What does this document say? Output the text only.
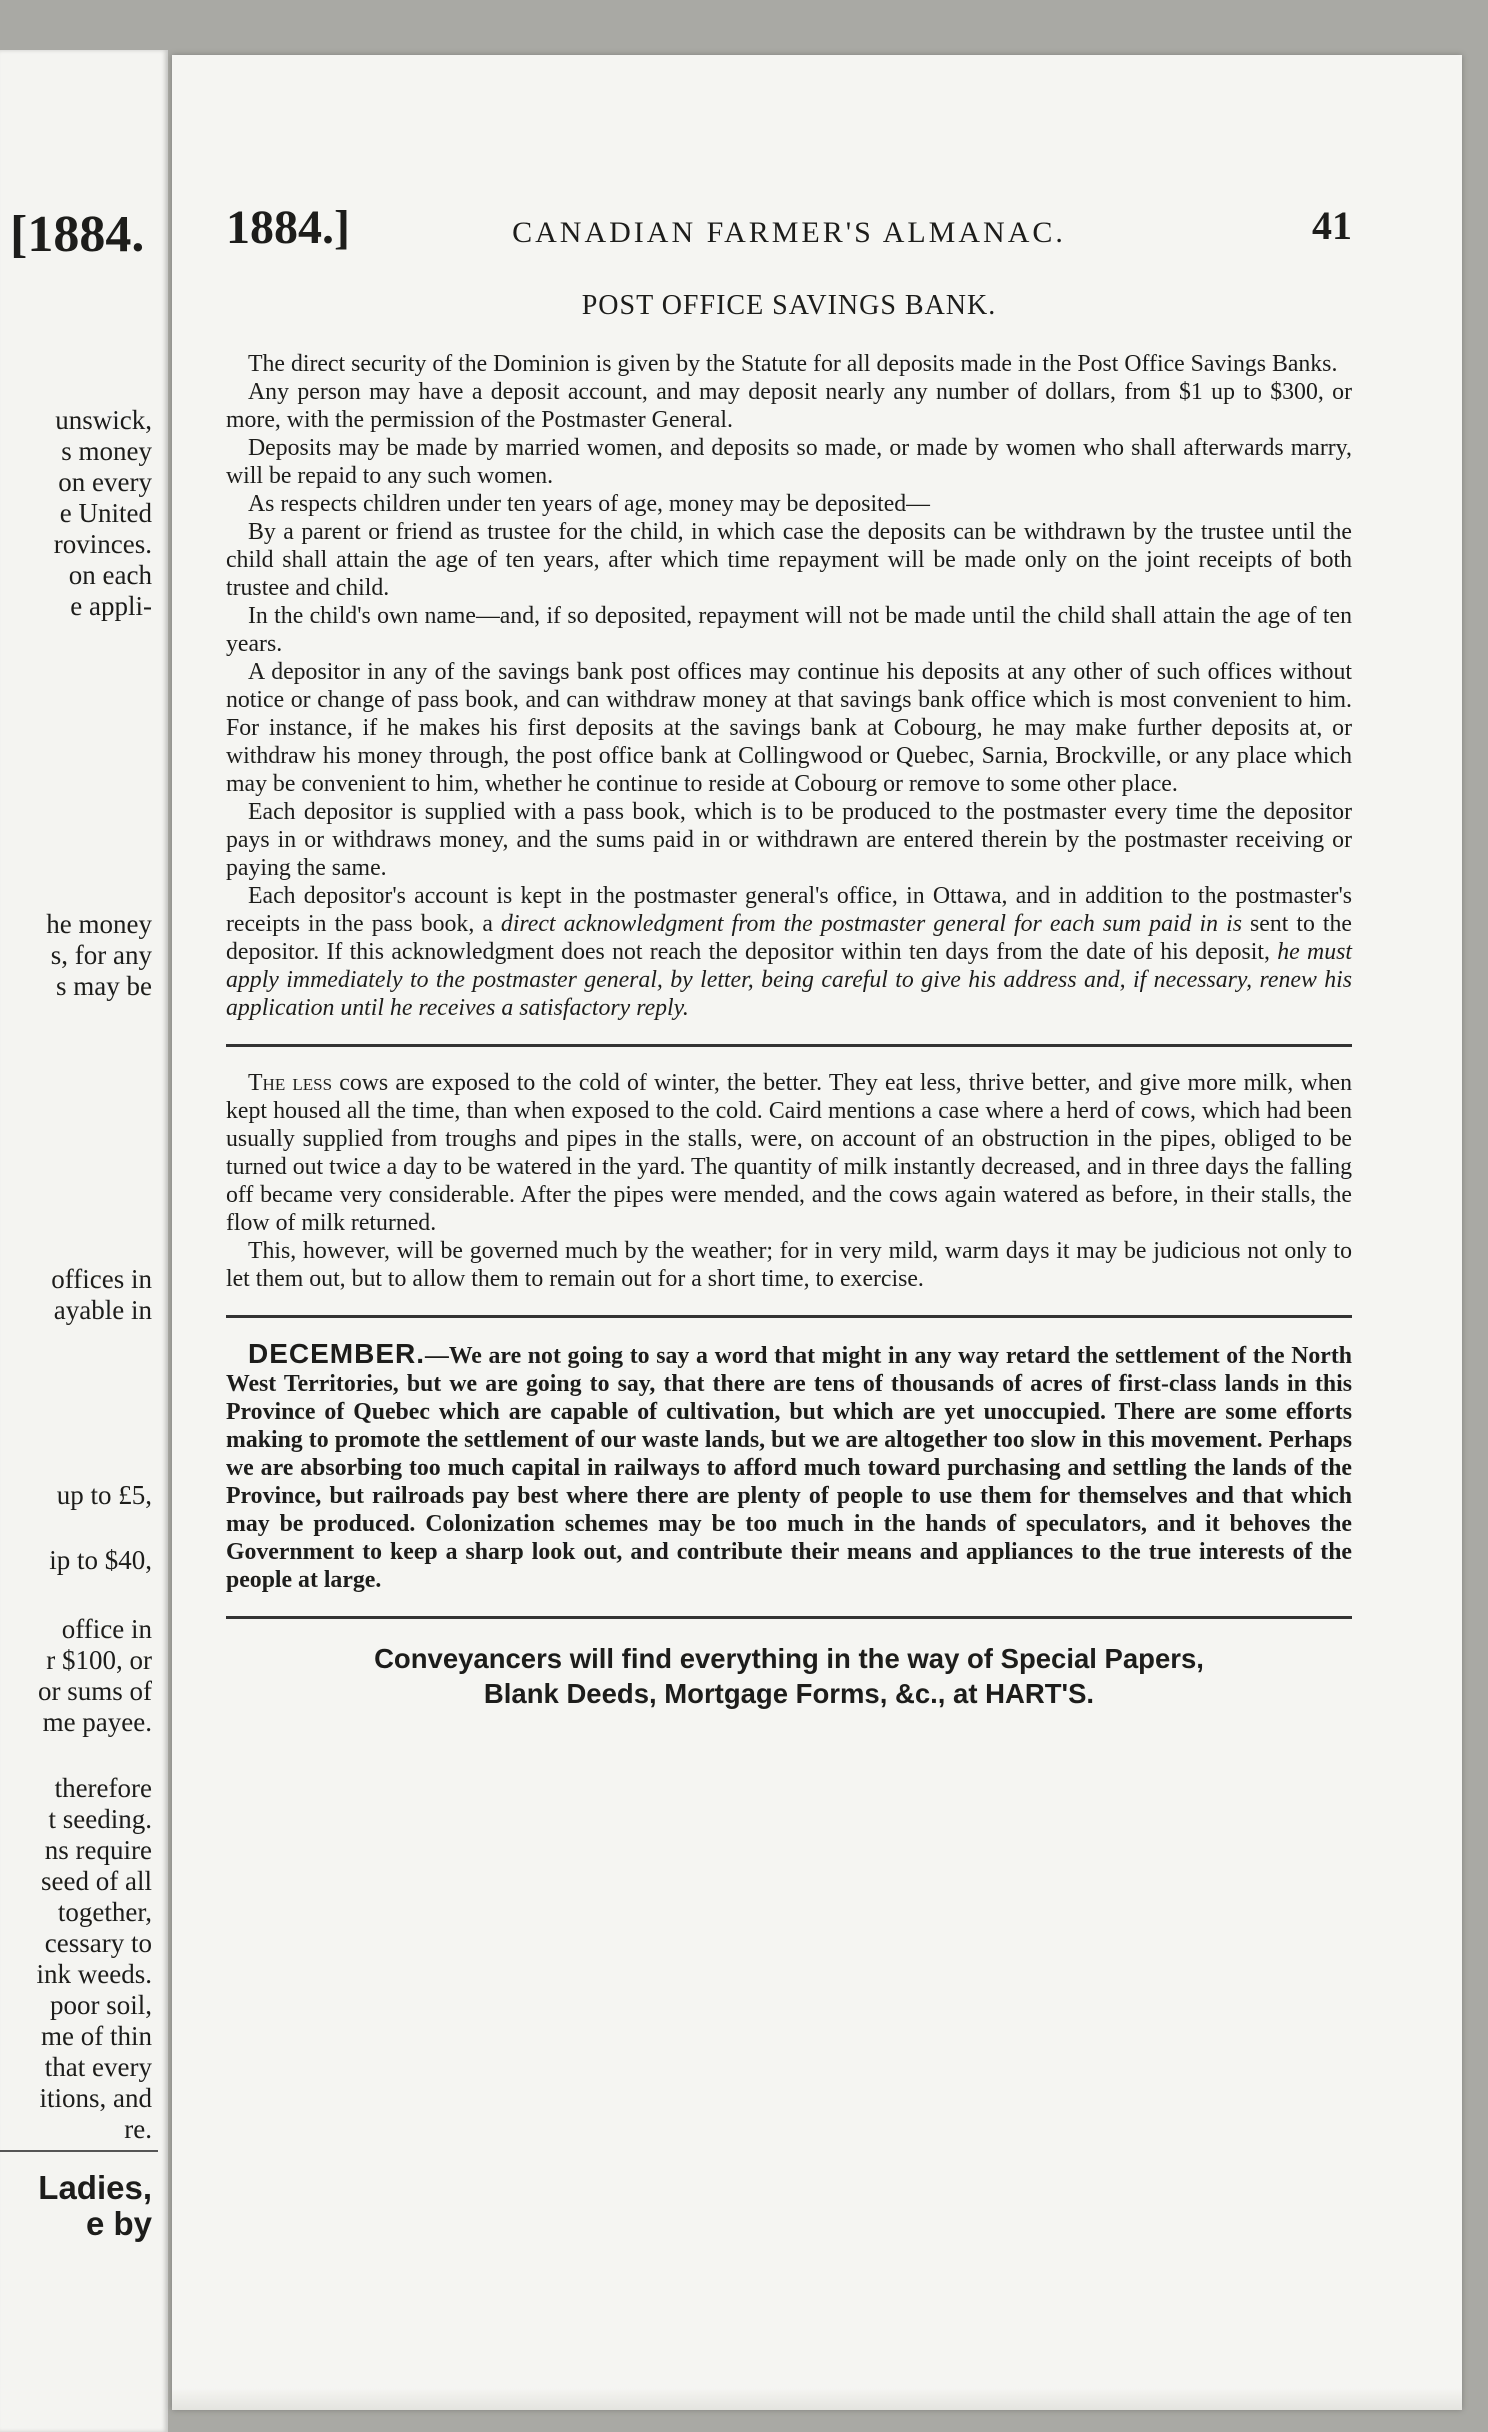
[1884.
unswick,
s money
on every
e United
rovinces.
on each
e appli-
he money
s, for any
s may be
offices in
ayable in
up to £5,
ip to $40,
office in
r $100, or
or sums of
me payee.
therefore
t seeding.
ns require
seed of all
together,
cessary to
ink weeds.
poor soil,
me of thin
that every
itions, and
re.
Ladies,
e by
1884.]	CANADIAN FARMER'S ALMANAC.	41
POST OFFICE SAVINGS BANK.

The direct security of the Dominion is given by the Statute for all deposits made in the Post Office Savings Banks.

Any person may have a deposit account, and may deposit nearly any number of dollars, from $1 up to $300, or more, with the permission of the Postmaster General.

Deposits may be made by married women, and deposits so made, or made by women who shall afterwards marry, will be repaid to any such women.

As respects children under ten years of age, money may be deposited—

By a parent or friend as trustee for the child, in which case the deposits can be withdrawn by the trustee until the child shall attain the age of ten years, after which time repayment will be made only on the joint receipts of both trustee and child.

In the child's own name—and, if so deposited, repayment will not be made until the child shall attain the age of ten years.

A depositor in any of the savings bank post offices may continue his deposits at any other of such offices without notice or change of pass book, and can withdraw money at that savings bank office which is most convenient to him. For instance, if he makes his first deposits at the savings bank at Cobourg, he may make further deposits at, or withdraw his money through, the post office bank at Collingwood or Quebec, Sarnia, Brockville, or any place which may be convenient to him, whether he continue to reside at Cobourg or remove to some other place.

Each depositor is supplied with a pass book, which is to be produced to the postmaster every time the depositor pays in or withdraws money, and the sums paid in or withdrawn are entered therein by the postmaster receiving or paying the same.

Each depositor's account is kept in the postmaster general's office, in Ottawa, and in addition to the postmaster's receipts in the pass book, a direct acknowledgment from the postmaster general for each sum paid in is sent to the depositor. If this acknowledgment does not reach the depositor within ten days from the date of his deposit, he must apply immediately to the postmaster general, by letter, being careful to give his address and, if necessary, renew his application until he receives a satisfactory reply.

The less cows are exposed to the cold of winter, the better. They eat less, thrive better, and give more milk, when kept housed all the time, than when exposed to the cold. Caird mentions a case where a herd of cows, which had been usually supplied from troughs and pipes in the stalls, were, on account of an obstruction in the pipes, obliged to be turned out twice a day to be watered in the yard. The quantity of milk instantly decreased, and in three days the falling off became very considerable. After the pipes were mended, and the cows again watered as before, in their stalls, the flow of milk returned.

This, however, will be governed much by the weather; for in very mild, warm days it may be judicious not only to let them out, but to allow them to remain out for a short time, to exercise.

DECEMBER.—We are not going to say a word that might in any way retard the settlement of the North West Territories, but we are going to say, that there are tens of thousands of acres of first-class lands in this Province of Quebec which are capable of cultivation, but which are yet unoccupied. There are some efforts making to promote the settlement of our waste lands, but we are altogether too slow in this movement. Perhaps we are absorbing too much capital in railways to afford much toward purchasing and settling the lands of the Province, but railroads pay best where there are plenty of people to use them for themselves and that which may be produced. Colonization schemes may be too much in the hands of speculators, and it behoves the Government to keep a sharp look out, and contribute their means and appliances to the true interests of the people at large.

Conveyancers will find everything in the way of Special Papers,
Blank Deeds, Mortgage Forms, &c., at HART'S.
